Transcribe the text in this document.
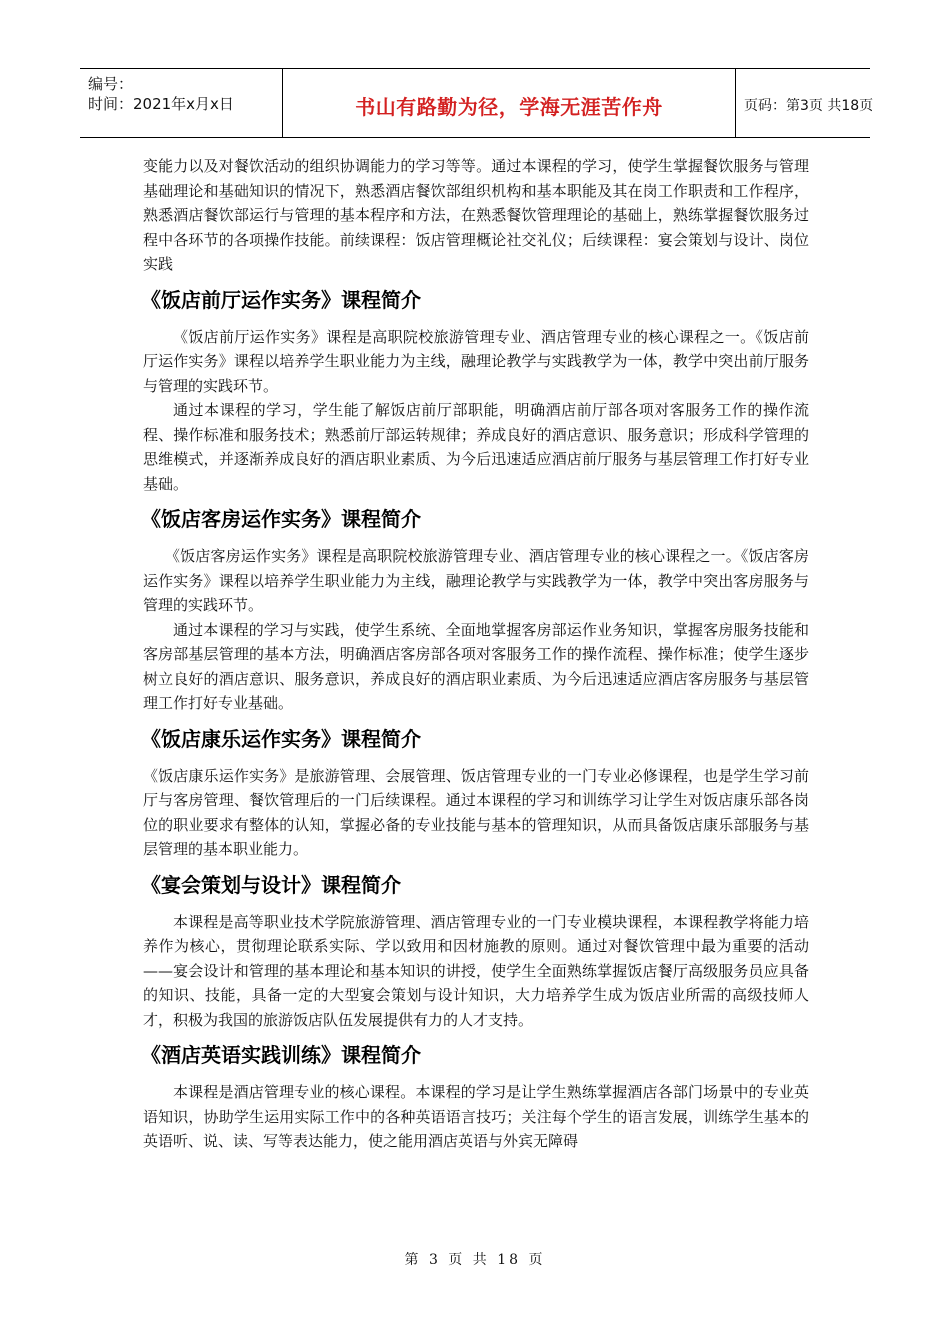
编号：
时间：2021年x月x日	书山有路勤为径，学海无涯苦作舟	页码：第3页 共18页

变能力以及对餐饮活动的组织协调能力的学习等等。通过本课程的学习，使学生掌握餐饮服务与管理基础理论和基础知识的情况下，熟悉酒店餐饮部组织机构和基本职能及其在岗工作职责和工作程序，熟悉酒店餐饮部运行与管理的基本程序和方法，在熟悉餐饮管理理论的基础上，熟练掌握餐饮服务过程中各环节的各项操作技能。前续课程：饭店管理概论社交礼仪；后续课程：宴会策划与设计、岗位实践

《饭店前厅运作实务》课程简介

《饭店前厅运作实务》课程是高职院校旅游管理专业、酒店管理专业的核心课程之一。《饭店前厅运作实务》课程以培养学生职业能力为主线，融理论教学与实践教学为一体，教学中突出前厅服务与管理的实践环节。

通过本课程的学习，学生能了解饭店前厅部职能，明确酒店前厅部各项对客服务工作的操作流程、操作标准和服务技术；熟悉前厅部运转规律；养成良好的酒店意识、服务意识；形成科学管理的思维模式，并逐渐养成良好的酒店职业素质、为今后迅速适应酒店前厅服务与基层管理工作打好专业基础。

《饭店客房运作实务》课程简介

《饭店客房运作实务》课程是高职院校旅游管理专业、酒店管理专业的核心课程之一。《饭店客房运作实务》课程以培养学生职业能力为主线，融理论教学与实践教学为一体，教学中突出客房服务与管理的实践环节。

通过本课程的学习与实践，使学生系统、全面地掌握客房部运作业务知识，掌握客房服务技能和客房部基层管理的基本方法，明确酒店客房部各项对客服务工作的操作流程、操作标准；使学生逐步树立良好的酒店意识、服务意识，养成良好的酒店职业素质、为今后迅速适应酒店客房服务与基层管理工作打好专业基础。

《饭店康乐运作实务》课程简介

《饭店康乐运作实务》是旅游管理、会展管理、饭店管理专业的一门专业必修课程，也是学生学习前厅与客房管理、餐饮管理后的一门后续课程。通过本课程的学习和训练学习让学生对饭店康乐部各岗位的职业要求有整体的认知，掌握必备的专业技能与基本的管理知识，从而具备饭店康乐部服务与基层管理的基本职业能力。

《宴会策划与设计》课程简介

本课程是高等职业技术学院旅游管理、酒店管理专业的一门专业模块课程，本课程教学将能力培养作为核心，贯彻理论联系实际、学以致用和因材施教的原则。通过对餐饮管理中最为重要的活动——宴会设计和管理的基本理论和基本知识的讲授，使学生全面熟练掌握饭店餐厅高级服务员应具备的知识、技能，具备一定的大型宴会策划与设计知识，大力培养学生成为饭店业所需的高级技师人才，积极为我国的旅游饭店队伍发展提供有力的人才支持。

《酒店英语实践训练》课程简介

本课程是酒店管理专业的核心课程。本课程的学习是让学生熟练掌握酒店各部门场景中的专业英语知识，协助学生运用实际工作中的各种英语语言技巧；关注每个学生的语言发展，训练学生基本的英语听、说、读、写等表达能力，使之能用酒店英语与外宾无障碍

第 3 页 共 18 页
